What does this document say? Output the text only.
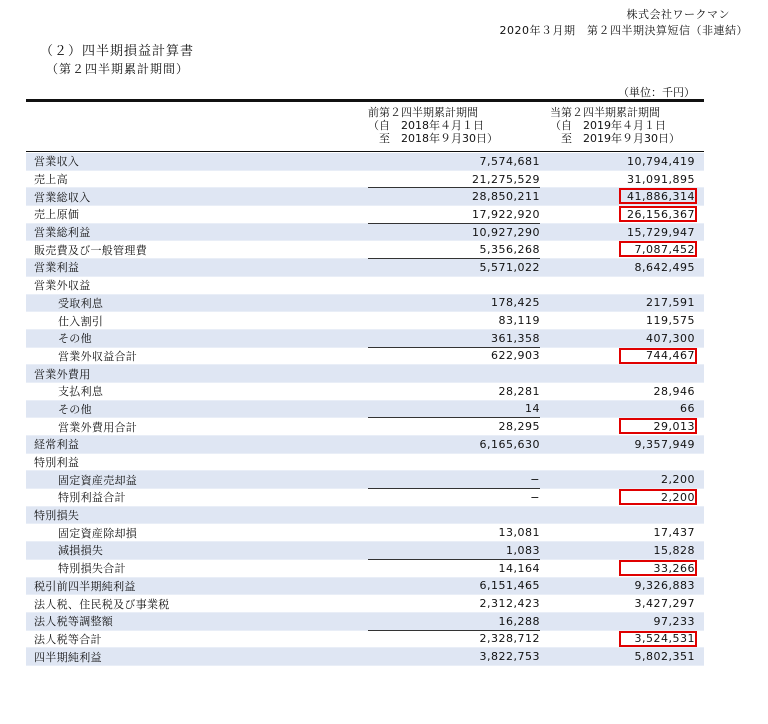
株式会社ワークマン
2020年３月期　第２四半期決算短信（非連結）
（２）四半期損益計算書
（第２四半期累計期間）
（単位：千円）
前第２四半期累計期間
（自　2018年４月１日
　至　2018年９月30日）
当第２四半期累計期間
（自　2019年４月１日
　至　2019年９月30日）
営業収入	7,574,681	10,794,419
売上高	21,275,529	31,091,895
営業総収入	28,850,211	41,886,314
売上原価	17,922,920	26,156,367
営業総利益	10,927,290	15,729,947
販売費及び一般管理費	5,356,268	7,087,452
営業利益	5,571,022	8,642,495
営業外収益
受取利息	178,425	217,591
仕入割引	83,119	119,575
その他	361,358	407,300
営業外収益合計	622,903	744,467
営業外費用
支払利息	28,281	28,946
その他	14	66
営業外費用合計	28,295	29,013
経常利益	6,165,630	9,357,949
特別利益
固定資産売却益	−	2,200
特別利益合計	−	2,200
特別損失
固定資産除却損	13,081	17,437
減損損失	1,083	15,828
特別損失合計	14,164	33,266
税引前四半期純利益	6,151,465	9,326,883
法人税、住民税及び事業税	2,312,423	3,427,297
法人税等調整額	16,288	97,233
法人税等合計	2,328,712	3,524,531
四半期純利益	3,822,753	5,802,351
